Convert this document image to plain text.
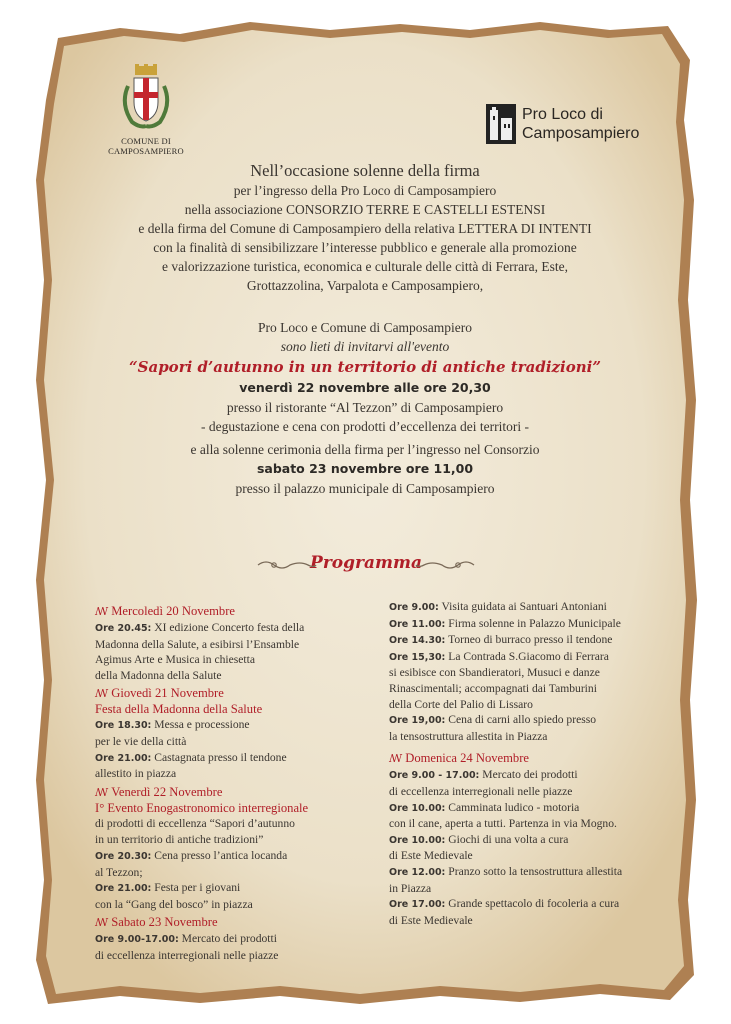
COMUNE DI
CAMPOSAMPIERO
Pro Loco di
Camposampiero
Nell’occasione solenne della firma
per l’ingresso della Pro Loco di Camposampiero
nella associazione CONSORZIO TERRE E CASTELLI ESTENSI
e della firma del Comune di Camposampiero della relativa LETTERA DI INTENTI
con la finalità di sensibilizzare l’interesse pubblico e generale alla promozione
e valorizzazione turistica, economica e culturale delle città di Ferrara, Este,
Grottazzolina, Varpalota e Camposampiero,
Pro Loco e Comune di Camposampiero
sono lieti di invitarvi all'evento
“Sapori d’autunno in un territorio di antiche tradizioni”
venerdì 22 novembre alle ore 20,30
presso il ristorante “Al Tezzon” di Camposampiero
- degustazione e cena con prodotti d’eccellenza dei territori -
e alla solenne cerimonia della firma per l’ingresso nel Consorzio
sabato 23 novembre ore 11,00
presso il palazzo municipale di Camposampiero
Programma
ꟿ Mercoledì 20 Novembre
Ore 20.45: XI edizione Concerto festa della
Madonna della Salute, a esibirsi l’Ensamble
Agimus Arte e Musica in chiesetta
della Madonna della Salute
ꟿ Giovedì 21 Novembre
Festa della Madonna della Salute
Ore 18.30: Messa e processione
per le vie della città
Ore 21.00: Castagnata presso il tendone
allestito in piazza
ꟿ Venerdì 22 Novembre
I° Evento Enogastronomico interregionale
di prodotti di eccellenza “Sapori d’autunno
in un territorio di antiche tradizioni”
Ore 20.30: Cena presso l’antica locanda
al Tezzon;
Ore 21.00: Festa per i giovani
con la “Gang del bosco” in piazza
ꟿ Sabato 23 Novembre
Ore 9.00-17.00: Mercato dei prodotti
di eccellenza interregionali nelle piazze
Ore 9.00: Visita guidata ai Santuari Antoniani
Ore 11.00: Firma solenne in Palazzo Municipale
Ore 14.30: Torneo di burraco presso il tendone
Ore 15,30: La Contrada S.Giacomo di Ferrara
si esibisce con Sbandieratori, Musuci e danze
Rinascimentali; accompagnati dai Tamburini
della Corte del Palio di Lissaro
Ore 19,00: Cena di carni allo spiedo presso
la tensostruttura allestita in Piazza
ꟿ Domenica 24 Novembre
Ore 9.00 - 17.00: Mercato dei prodotti
di eccellenza interregionali nelle piazze
Ore 10.00: Camminata ludico - motoria
con il cane, aperta a tutti. Partenza in via Mogno.
Ore 10.00: Giochi di una volta a cura
di Este Medievale
Ore 12.00: Pranzo sotto la tensostruttura allestita
in Piazza
Ore 17.00: Grande spettacolo di focoleria a cura
di Este Medievale
